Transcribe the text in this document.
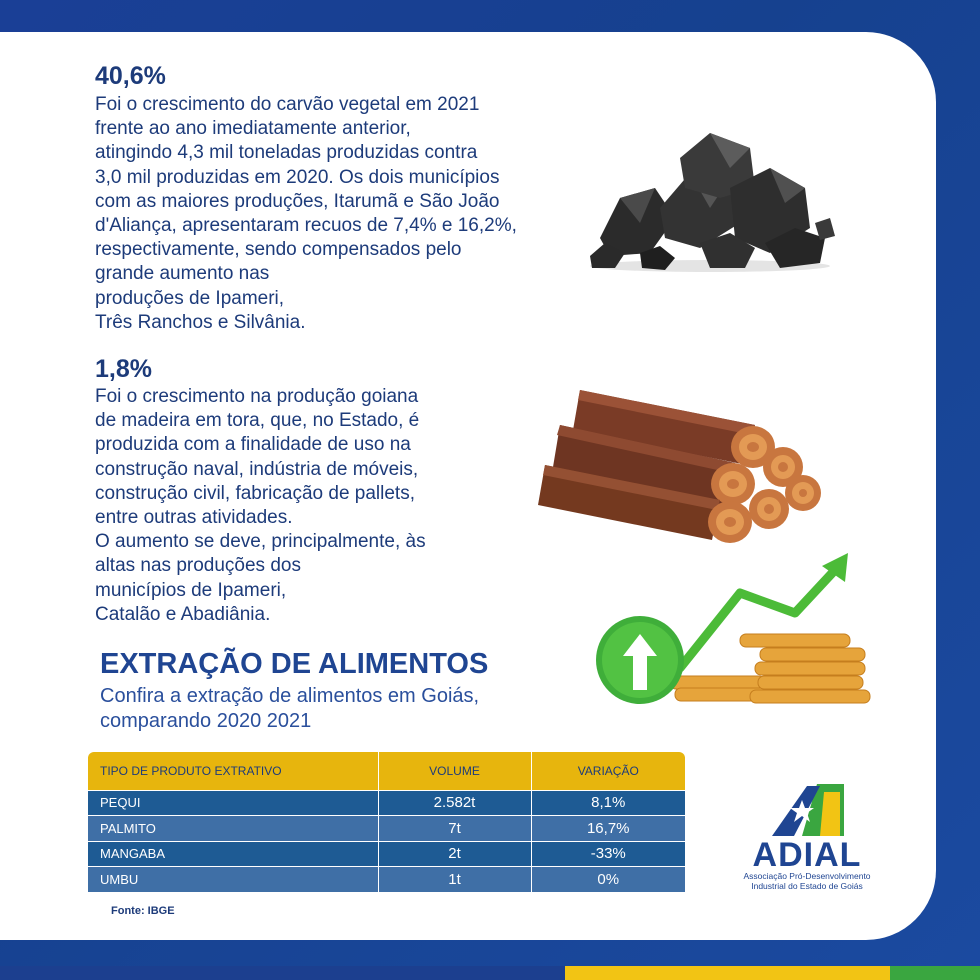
40,6%
Foi o crescimento do carvão vegetal em 2021
frente ao ano imediatamente anterior,
atingindo 4,3 mil toneladas produzidas contra
3,0 mil produzidas em 2020. Os dois municípios
com as maiores produções, Itarumã e São João
d'Aliança, apresentaram recuos de 7,4% e 16,2%,
respectivamente, sendo compensados pelo
grande aumento nas
produções de Ipameri,
Três Ranchos e Silvânia.
1,8%
Foi o crescimento na produção goiana
de madeira em tora, que, no Estado, é
produzida com a finalidade de uso na
construção naval, indústria de móveis,
construção civil, fabricação de pallets,
entre outras atividades.
O aumento se deve, principalmente, às
altas nas produções dos
municípios de Ipameri,
Catalão e Abadiânia.
EXTRAÇÃO DE ALIMENTOS
Confira a extração de alimentos em Goiás,
comparando 2020 2021
TIPO DE PRODUTO EXTRATIVO	VOLUME	VARIAÇÃO
PEQUI	2.582t	8,1%
PALMITO	7t	16,7%
MANGABA	2t	-33%
UMBU	1t	0%
Fonte: IBGE
ADIAL
Associação Pró-Desenvolvimento
Industrial do Estado de Goiás
